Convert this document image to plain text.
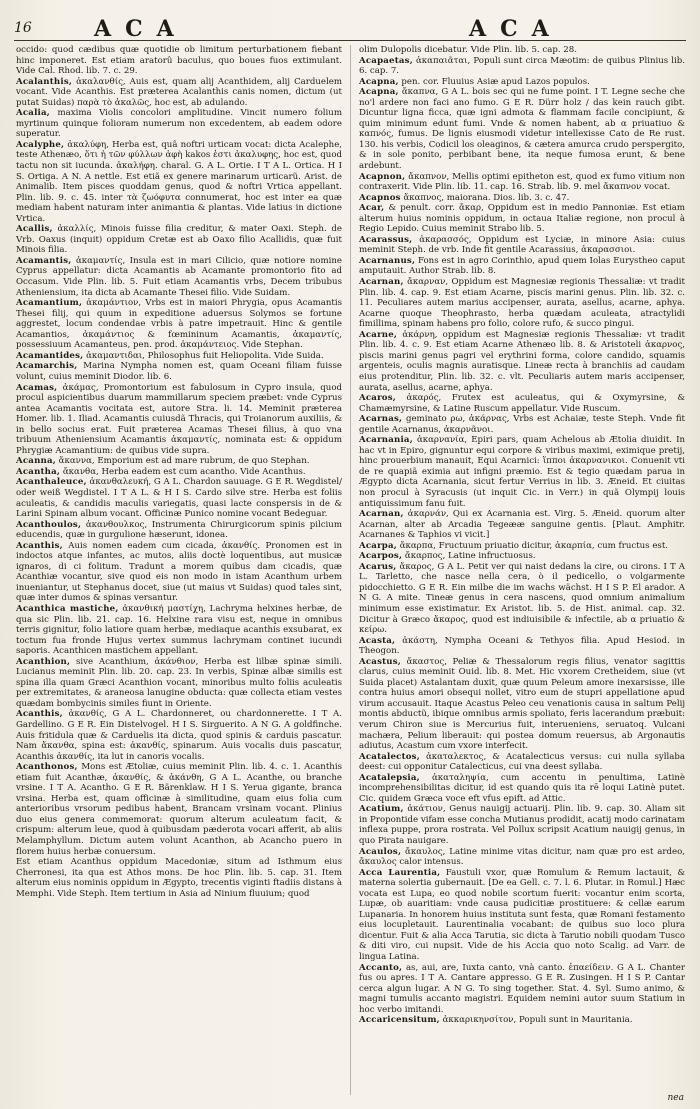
16	ACA	ACA

occido: quod cædibus quæ quotidie ob limitum perturbationem fiebant hinc imponeret. Est etiam aratorû baculus, quo boues fuos extimulant. Vide Cal. Rhod. lib. 7. c. 29.

Acalanthis, ἀκαλανθίς, Auis est, quam alij Acanthidem, alij Carduelem vocant. Vide Acanthis. Est præterea Acalanthis canis nomen, dictum (ut putat Suidas) παρὰ τὸ ἀκαλῶς, hoc est, ab adulando.

Acalia, maxima Violis concolori amplitudine. Vincit numero folium myrtinum quinque folioram numerum non excedentem, ab eadem odore superatur.

Acalyphe, ἀκαλύφη, Herba est, quâ noftri urticam vocat: dicta Acalephe, teste Athenæo, ὅτι ἡ τῶν φύλλων ἁφὴ kakos ἐστι ἀκαλυφης, hoc est, quod tactu non sit iucunda. ἀκαλήφη. charal. G. A L. Ortie. I T A L. Ortica. H I S. Ortiga. A N. A nettle. Est etiã ex genere marinarum urticarũ. Arist. de Animalib. Item pisces quoddam genus, quod & noftri Vrtica appellant. Plin. lib. 9. c. 45. inter τὰ ζωόφυτα connumerat, hoc est inter ea quæ mediam habent naturam inter animantia & plantas. Vide latius in dictione Vrtica.

Acallis, ἀκαλλίς, Minois fuisse filia creditur, & mater Oaxi. Steph. de Vrb. Oaxus (inquit) oppidum Cretæ est ab Oaxo filio Acallidis, quæ fuit Minois filia.

Acamantis, ἀκαμαντίς, Insula est in mari Cilicio, quæ notiore nomine Cyprus appellatur: dicta Acamantis ab Acamante promontorio fito ad Occasum. Vide Plin. lib. 5. Fuit etiam Acamantis vrbs, Decem tribubus Atheniensium, ita dicta ab Acamante Thesei filio. Vide Suidam.

Acamantium, ἀκαμάντιον, Vrbs est in maiori Phrygia, opus Acamantis Thesei filij, qui quum in expeditione aduersus Solymos se fortune aggrestet, locum condendae vrbis à patre impetrauit. Hinc & gentile Acamantios, ἀκαμάντιος & fœmininum Acamantis, ἀκαμαντίς, possessiuum Acamanteus, pen. prod. ἀκαμάντειος. Vide Stephan.

Acamantides, ἀκαμαντιδαι, Philosophus fuit Heliopolita. Vide Suida.

Acamarchis, Marina Nympha nomen est, quam Oceani filiam fuisse volunt, cuius meminit Diodor. lib. 6.

Acamas, ἀκάμας, Promontorium est fabulosum in Cypro insula, quod procul aspicientibus duarum mammillarum speciem præbet: vnde Cyprus antea Acamantis vocitata est, autore Stra. li. 14. Meminit præterea Homer. lib. 1. Iliad. Acamantis cuiusdã Thracis, qui Troianorum auxiliis, & in bello socius erat. Fuit præterea Acamas Thesei filius, à quo vna tribuum Atheniensium Acamantis ἀκαμαντίς, nominata est: & oppidum Phrygiæ Acamantium: de quibus vide supra.

Acanna, ἄκαννα, Emporium est ad mare rubrum, de quo Stephan.

Acantha, ἄκανθα, Herba eadem est cum acantho. Vide Acanthus.

Acanthaleuce, ἀκανθαλευκή, G A L. Chardon sauuage. G E R. Wegdistel/ oder weiß Wegdistel. I T A L. & H I S. Cardo silve stre. Herba est foliis aculeatis, & candidis maculis variegatis, quasi lacte conspersis in de & Larini Spinam album vocant. Officinæ Punico nomine vocant Bedeguar.

Acanthoulos, ἀκανθουλκος, Instrumenta Chirurgicorum spinis pilcium educendis, quæ in gurgulione hæserunt, idonea.

Acanthis, Auis nomen eadem cum cicada, ἀκανθίς. Pronomen est in indoctos atque infantes, ac mutos, aliis doctè loquentibus, aut musicæ ignaros, di ci folitum. Tradunt a morem quibus dam cicadis, quæ Acanthiæ vocantur, sive quod eis non modo in istam Acanthum urbem inueniantur, ut Stephanus docet, siue (ut maius vt Suidas) quod tales sint, quæ inter dumos & spinas versantur.

Acanthica mastiche, ἀκανθική μαστίχη, Lachryma helxines herbæ, de qua sic Plin. lib. 21. cap. 16. Helxine rara visu est, neque in omnibus terris gignitur, folio latiore quam herbæ, mediaque acanthis exsubarat, ex toctum fua fronde Hujus vertex summus lachrymam continet iucundi saporis. Acanthicen mastichem appellant.

Acanthion, sive Acanthium, ἀκάνθιον, Herba est lilbæ spinæ simili. Lucianus meminit Plin. lib. 20. cap. 23. In verbis, Spinæ albæ similis est spina illa quam Græci Acanthion vocant, minoribus multo foliis aculeatis per extremitates, & araneosa lanugine obducta: quæ collecta etiam vestes quædam bombycinis similes fiunt in Oriente.

Acanthis, ἀκανθίς, G A L. Chardonneret, ou chardonnerette. I T A. Gardellino. G E R. Ein Distelvogel. H I S. Sirguerito. A N G. A goldfinche. Auis fritidula quæ & Carduelis ita dicta, quod spinis & carduis pascatur. Nam ἄκανθα, spina est: ἀκανθίς, spinarum. Auis vocalis duis pascatur, Acanthis ἀκανθίς, ita lut in canoris vocalis.

Acanthonos, Mons est Ætoliæ, cuius meminit Plin. lib. 4. c. 1. Acanthis etiam fuit Acanthæ, ἀκανθίς, & ἀκάνθη, G A L. Acanthe, ou branche vrsine. I T A. Acantho. G E R. Bärenklaw. H I S. Yerua gigante, branca vrsina. Herba est, quam officinæ à similitudine, quam eius folia cum anterioribus vrsorum pedibus habent, Brancam vrsinam vocant. Plinius duo eius genera commemorat: quorum alterum aculeatum facit, & crispum: alterum leue, quod à quibusdam pæderota vocari afferit, ab aliis Melamphyllum. Dictum autem volunt Acanthon, ab Acancho puero in florem huius herbæ conuersum.

Est etiam Acanthus oppidum Macedoniæ, situm ad Isthmum eius Cherronesi, ita qua est Athos mons. De hoc Plin. lib. 5. cap. 31. Item alterum eius nominis oppidum in Ægypto, trecentis viginti ftadiis distans à Memphi. Vide Steph. Item tertium in Asia ad Ninium fluuium; quod

olim Dulopolis dicebatur. Vide Plin. lib. 5. cap. 28.

Acapaetas, ἀκαπαιᾶται, Populi sunt circa Mæotim: de quibus Plinius lib. 6. cap. 7.

Acapna, pen. cor. Fluuius Asiæ apud Lazos populos.

Acapna, ἄκαπνα, G A L. bois sec qui ne fume point. I T. Legne seche che no'l ardere non faci ano fumo. G E R. Dürr holz / das kein rauch gibt. Dicuntur ligna ficca, quæ igni admota & flammam facile concipiunt, & quim minimum edunt fumi. Vnde & nomen habent, ab α priuatiuo & καπνός, fumus. De lignis eiusmodi videtur intellexisse Cato de Re rust. 130. his verbis, Codicil los oleaginos, & cætera amurca crudo perspergito, & in sole ponito, perbibant bene, ita neque fumosa erunt, & bene ardebunt.

Acapnon, ἄκαπνον, Mellis optimi epitheton est, quod ex fumo vitium non contraxerit. Vide Plin. lib. 11. cap. 16. Strab. lib. 9. mel ἄκαπνον vocat.

Acapnos ἄκαπνος, maiorana. Dios. lib. 3. c. 47.

Acar, & penult. corr. ἄκαρ, Oppidum est in medio Pannoniæ. Est etiam alterum huius nominis oppidum, in octaua Italiæ regione, non procul à Regio Lepido. Cuius meminit Strabo lib. 5.

Acarassus, ἀκαρασσός, Oppidum est Lyciæ, in minore Asia: cuius meminit Steph. de vrb. Inde fit gentile Acarassius, ἀκαρασσιοι.

Acarnanus, Fons est in agro Corinthio, apud quem Iolas Eurystheo caput amputauit. Author Strab. lib. 8.

Acarnan, ἄκαρναν, Oppidum est Magnesiæ regionis Thessaliæ: vt tradit Plin. lib. 4. cap. 9. Est etiam Acarne, piscis marini genus. Plin. lib. 32. c. 11. Peculiares autem marius accipenser, aurata, asellus, acarne, aphya. Acarne quoque Theophrasto, herba quædam aculeata, atractylidi fimillima, spinam habens pro folio, colore rufo, & succo pingui.

Acarne, ἀκάρνη, oppidum est Magnesiæ regionis Thessaliæ: vt tradit Plin. lib. 4. c. 9. Est etiam Acarne Athenæo lib. 8. & Aristoteli ἀκαρνος, piscis marini genus pagri vel erythrini forma, colore candido, squamis argenteis, oculis magnis auratisque. Lineæ recta à branchiis ad caudam eius protenditur, Plin. lib. 32. c. vlt. Peculiaris autem maris accipenser, aurata, asellus, acarne, aphya.

Acaros, ἀκαρός, Frutex est aculeatus, qui & Oxymyrsine, & Chamæmyrsine, & Latine Ruscum appellatur. Vide Ruscum.

Acarnas, geminato ρω, ἀκάρνας, Vrbs est Achaiæ, teste Steph. Vnde fit gentile Acarnanus, ἀκαρνᾶνοι.

Acarnania, ἀκαρνανία, Epiri pars, quam Achelous ab Ætolia diuidit. In hac vt in Epiro, gignuntur equi corpore & viribus maximi, eximique pretij, hinc prouerbium manauit, Equi Acarnici: ἵπποι ἀκαρνανικοι. Conuenit vti de re quapiã eximia aut infigni præmio. Est & tegio quædam parua in Ægypto dicta Acarnania, sicut fertur Verrius in lib. 3. Æneid. Et ciuitas non procul à Syracusis (ut inquit Cic. in Verr.) in quã Olympij louis antiquissimum fanu fuit.

Acarnan, ἀκαρνάν, Qui ex Acarnania est. Virg. 5. Æneid. quorum alter Acarnan, alter ab Arcadia Tegeææ sanguine gentis. [Plaut. Amphitr. Acarnanes & Taphios vi vicit.]

Acarpa, ἄκαρπα, Fructuum priuatio dicitur, ἀκαρπία, cum fructus est.

Acarpos, ἄκαρπος, Latine infructuosus.

Acarus, ἄκαρος, G A L. Petit ver qui naist dedans la cire, ou cirons. I T A L. Tarletto, che nasce nella cera, ò il pedicello, o volgarmente pidocchietto. G E R. Ein milbe die im wachs wächst. H I S P. El arador. A N G. A mite. Tineæ genus in cera nascens, quod omnium animalium minimum esse existimatur. Ex Aristot. lib. 5. de Hist. animal. cap. 32. Dicitur à Græco ἄκαρος, quod est indiuisibile & infectile, ab α priuatio & κείρω.

Acasta, ἀκάστη, Nympha Oceani & Tethyos filia. Apud Hesiod. in Theogon.

Acastus, ἄκαστος, Peliæ & Thessalorum regis filius, venator sagittis clarus, cuius meminit Ouid. lib. 8. Met. Hic vxorem Cretheidem, siue (vt Suida placet) Astalantam duxit, quæ quum Peleum amore inexarsisse, ille contra huius amori obsequi nollet, vitro eum de stupri appellatione apud virum accusauit. Itaque Acastus Peleo ceu venationis causa in saltum Pelij montis abductũ, ibique omnibus armis spoliato, feris lacerandum præbuit: verum Chiron siue is Mercurius fuit, interueniens, seruatoq. Vulcani machæra, Pelium liberauit: qui postea domum reuersus, ab Argonautis adiutus, Acastum cum vxore interfecit.

Acatalectos, ἀκαταλεκτος, & Acatalecticus versus: cui nulla syllaba deest: cui opponitur Catalecticus, cui vna deest syllaba.

Acatalepsia, ἀκαταληψία, cum accentu in penultima, Latinè incomprehensibilitas dicitur, id est quando quis ita rē loqui Latinè putet. Cic. quidem Græca voce eft vfus epift. ad Attic.

Acatium, ἀκάτιον, Genus nauigij actuarij. Plin. lib. 9. cap. 30. Aliam sit in Propontide vifam esse concha Mutianus prodidit, acatij modo carinatam inflexa puppe, prora rostrata. Vel Pollux scripsit Acatium nauigij genus, in quo Pirata nauigare.

Acaulos, ἄκαυλος, Latine minime vitas dicitur, nam quæ pro est ardeo, ἄκαυλος calor intensus.

Acca Laurentia, Faustuli vxor, quæ Romulum & Remum lactauit, & materna solertia gubernauit. [De ea Gell. c. 7. l. 6. Plutar. in Romul.] Hæc vocata est Lupa, eo quod nobile scortum fuerit: vocantur enim scorta, Lupæ, ob auaritiam: vnde causa pudicitiæ prostituere: & cellæ earum Lupanaria. In honorem huius instituta sunt festa, quæ Romani festamento eius locupletauit. Laurentinalia vocabant: de quibus suo loco plura dicentur. Fuit & alia Acca Tarutia, sic dicta à Tarutio nobili quodam Tusco & diti viro, cui nupsit. Vide de his Accia quo noto Scalig. ad Varr. de lingua Latina.

Accanto, as, aui, are, Iuxta canto, vnà canto. ἐπαείδειν. G A L. Chanter fus ou apres. I T A. Cantare appresso. G E R. Zusingen. H I S P. Cantar cerca algun lugar. A N G. To sing together. Stat. 4. Syl. Sumo animo, & magni tumulis accanto magistri. Equidem nemini autor suum Statium in hoc verbo imitandi.

Accaricensitum, ἀκκαρικηνσίτον, Populi sunt in Mauritania.

nea
